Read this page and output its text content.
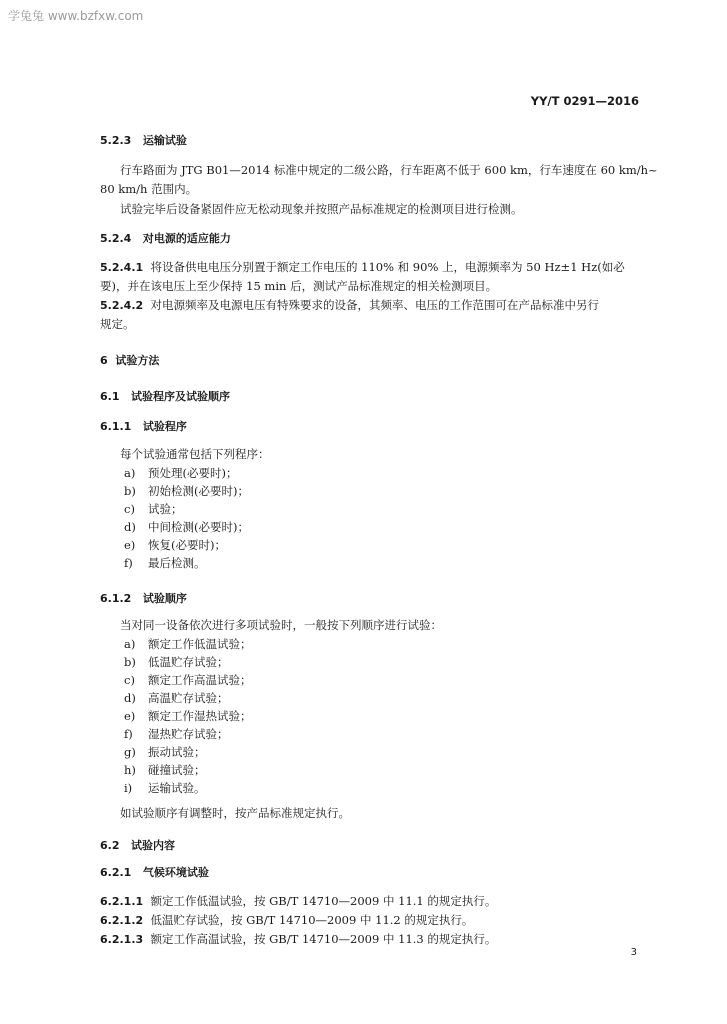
学兔兔 www.bzfxw.com
YY/T 0291—2016
5.2.3 运输试验
行车路面为 JTG B01—2014 标准中规定的二级公路，行车距离不低于 600 km，行车速度在 60 km/h~
80 km/h 范围内。
试验完毕后设备紧固件应无松动现象并按照产品标准规定的检测项目进行检测。
5.2.4 对电源的适应能力
5.2.4.1 将设备供电电压分别置于额定工作电压的 110% 和 90% 上，电源频率为 50 Hz±1 Hz(如必
要)，并在该电压上至少保持 15 min 后，测试产品标准规定的相关检测项目。
5.2.4.2 对电源频率及电源电压有特殊要求的设备，其频率、电压的工作范围可在产品标准中另行
规定。
6 试验方法
6.1 试验程序及试验顺序
6.1.1 试验程序
每个试验通常包括下列程序：
a) 预处理(必要时)；
b) 初始检测(必要时)；
c) 试验；
d) 中间检测(必要时)；
e) 恢复(必要时)；
f) 最后检测。
6.1.2 试验顺序
当对同一设备依次进行多项试验时，一般按下列顺序进行试验：
a) 额定工作低温试验；
b) 低温贮存试验；
c) 额定工作高温试验；
d) 高温贮存试验；
e) 额定工作湿热试验；
f) 湿热贮存试验；
g) 振动试验；
h) 碰撞试验；
i) 运输试验。
如试验顺序有调整时，按产品标准规定执行。
6.2 试验内容
6.2.1 气候环境试验
6.2.1.1 额定工作低温试验，按 GB/T 14710—2009 中 11.1 的规定执行。
6.2.1.2 低温贮存试验，按 GB/T 14710—2009 中 11.2 的规定执行。
6.2.1.3 额定工作高温试验，按 GB/T 14710—2009 中 11.3 的规定执行。
3
